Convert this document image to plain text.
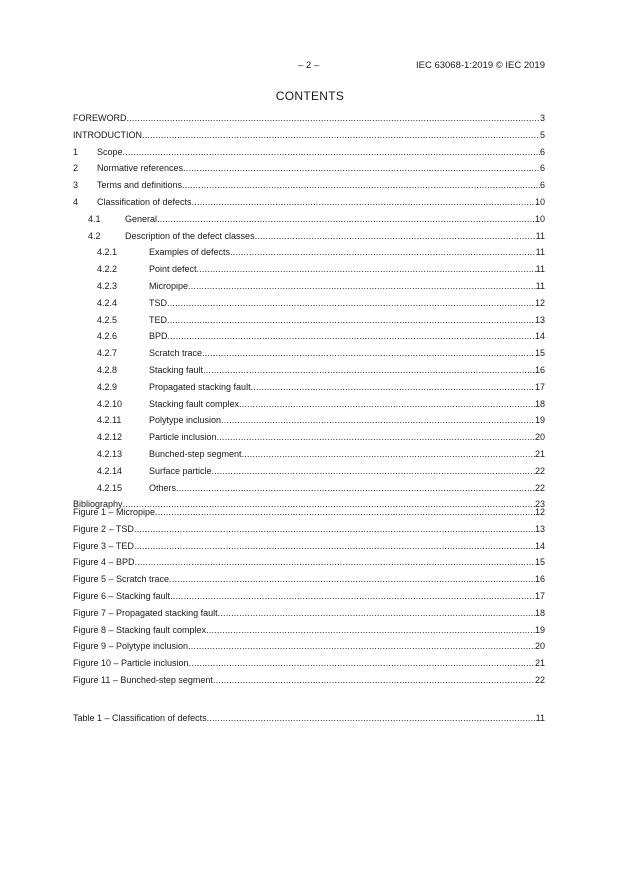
– 2 –	IEC 63068-1:2019 © IEC 2019
CONTENTS
FOREWORD .....	3
INTRODUCTION .....	5
1	Scope .....	6
2	Normative references .....	6
3	Terms and definitions .....	6
4	Classification of defects .....	10
4.1	General .....	10
4.2	Description of the defect classes .....	11
4.2.1	Examples of defects .....	11
4.2.2	Point defect .....	11
4.2.3	Micropipe .....	11
4.2.4	TSD .....	12
4.2.5	TED .....	13
4.2.6	BPD .....	14
4.2.7	Scratch trace .....	15
4.2.8	Stacking fault .....	16
4.2.9	Propagated stacking fault .....	17
4.2.10	Stacking fault complex .....	18
4.2.11	Polytype inclusion .....	19
4.2.12	Particle inclusion .....	20
4.2.13	Bunched-step segment .....	21
4.2.14	Surface particle .....	22
4.2.15	Others .....	22
Bibliography .....	23
Figure 1 – Micropipe .....	12
Figure 2 – TSD .....	13
Figure 3 – TED .....	14
Figure 4 – BPD .....	15
Figure 5 – Scratch trace .....	16
Figure 6 – Stacking fault .....	17
Figure 7 – Propagated stacking fault .....	18
Figure 8 – Stacking fault complex .....	19
Figure 9 – Polytype inclusion .....	20
Figure 10 – Particle inclusion .....	21
Figure 11 – Bunched-step segment .....	22
Table 1 – Classification of defects .....	11
